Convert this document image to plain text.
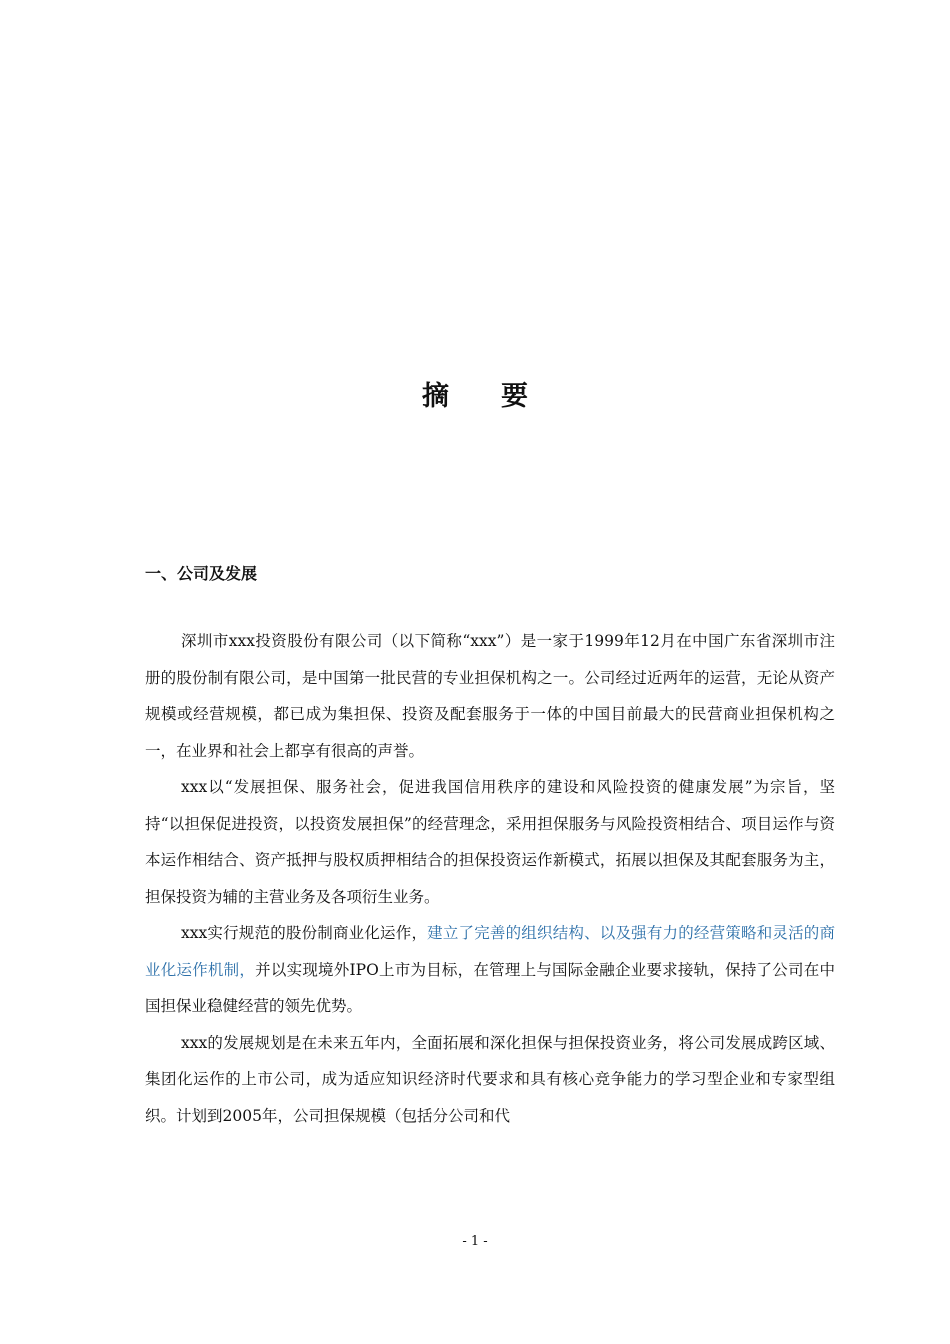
摘 要
一、公司及发展

深圳市xxx投资股份有限公司（以下简称“xxx”）是一家于1999年12月在中国广东省深圳市注册的股份制有限公司，是中国第一批民营的专业担保机构之一。公司经过近两年的运营，无论从资产规模或经营规模，都已成为集担保、投资及配套服务于一体的中国目前最大的民营商业担保机构之一，在业界和社会上都享有很高的声誉。

xxx以“发展担保、服务社会，促进我国信用秩序的建设和风险投资的健康发展”为宗旨，坚持“以担保促进投资，以投资发展担保”的经营理念，采用担保服务与风险投资相结合、项目运作与资本运作相结合、资产抵押与股权质押相结合的担保投资运作新模式，拓展以担保及其配套服务为主，担保投资为辅的主营业务及各项衍生业务。

xxx实行规范的股份制商业化运作，建立了完善的组织结构、以及强有力的经营策略和灵活的商业化运作机制，并以实现境外IPO上市为目标，在管理上与国际金融企业要求接轨，保持了公司在中国担保业稳健经营的领先优势。

xxx的发展规划是在未来五年内，全面拓展和深化担保与担保投资业务，将公司发展成跨区域、集团化运作的上市公司，成为适应知识经济时代要求和具有核心竞争能力的学习型企业和专家型组织。计划到2005年，公司担保规模（包括分公司和代

- 1 -
